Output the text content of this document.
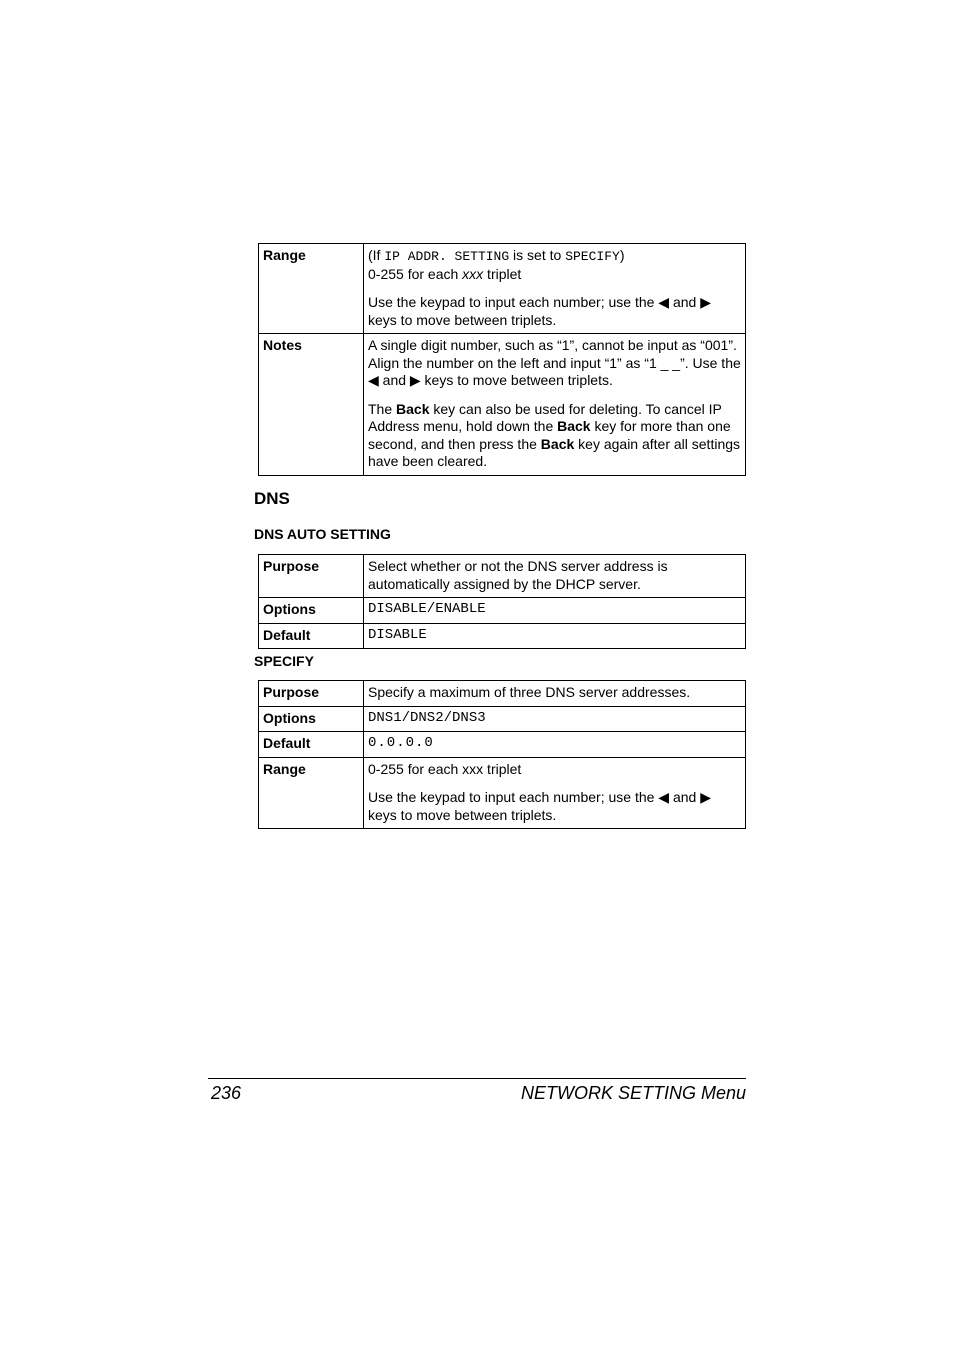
Range	(If IP ADDR. SETTING is set to SPECIFY)

0-255 for each xxx triplet

Use the keypad to input each number; use the ◀ and ▶ keys to move between triplets.

Notes	A single digit number, such as “1”, cannot be input as “001”. Align the number on the left and input “1” as “1 _ _”. Use the ◀ and ▶ keys to move between triplets.

The Back key can also be used for deleting. To cancel IP Address menu, hold down the Back key for more than one second, and then press the Back key again after all settings have been cleared.

DNS
DNS AUTO SETTING
Purpose	Select whether or not the DNS server address is automatically assigned by the DHCP server.
Options	DISABLE/ENABLE
Default	DISABLE
SPECIFY
Purpose	Specify a maximum of three DNS server addresses.
Options	DNS1/DNS2/DNS3
Default	0.0.0.0
Range	0-255 for each xxx triplet

Use the keypad to input each number; use the ◀ and ▶ keys to move between triplets.

236	NETWORK SETTING Menu
